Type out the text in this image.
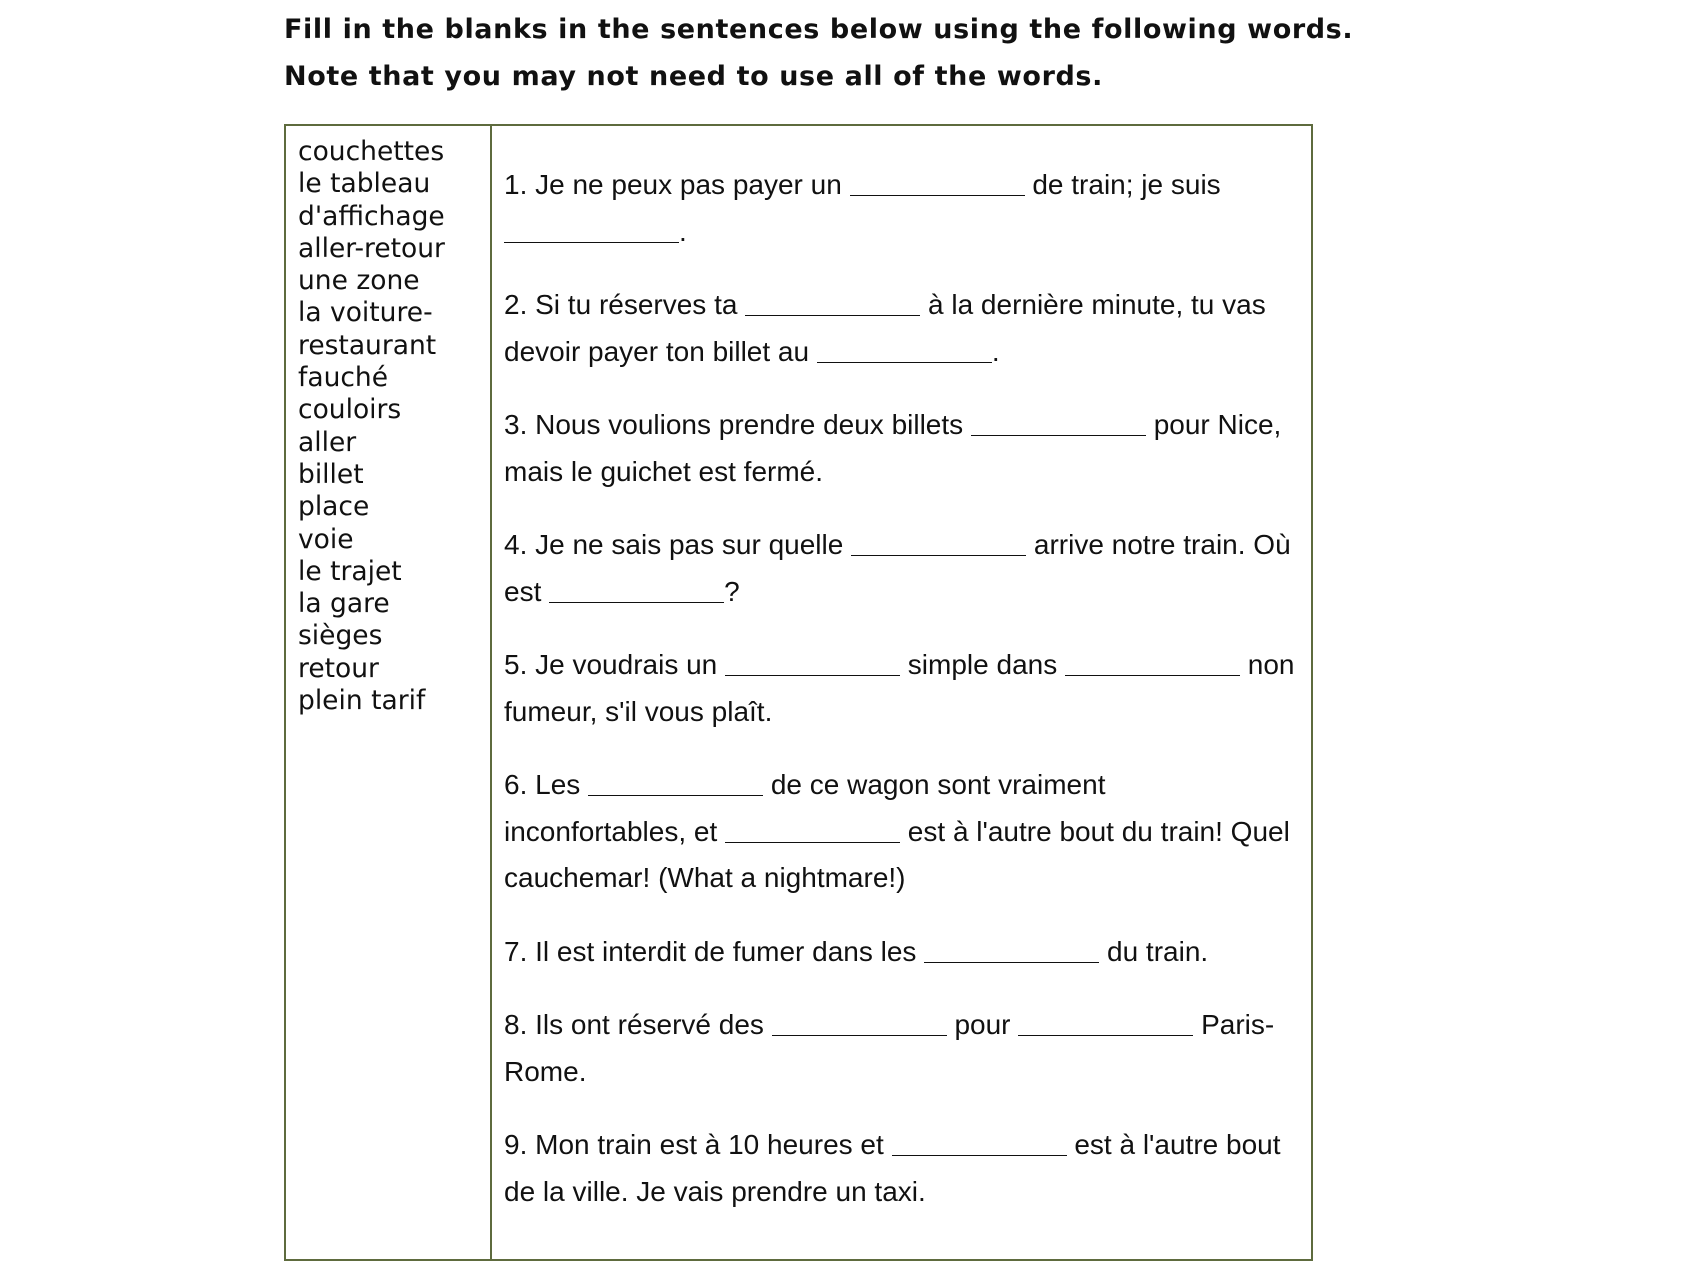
Fill in the blanks in the sentences below using the following words.
Note that you may not need to use all of the words.
couchettes
le tableau
d'affichage
aller-retour
une zone
la voiture-
restaurant
fauché
couloirs
aller
billet
place
voie
le trajet
la gare
sièges
retour
plein tarif
1. Je ne peux pas payer un	de train; je suis
.
2. Si tu réserves ta	à la dernière minute, tu vas
devoir payer ton billet au	.
3. Nous voulions prendre deux billets	pour Nice,
mais le guichet est fermé.
4. Je ne sais pas sur quelle	arrive notre train. Où
est	?
5. Je voudrais un	simple dans	non
fumeur, s'il vous plaît.
6. Les	de ce wagon sont vraiment
inconfortables, et	est à l'autre bout du train! Quel
cauchemar! (What a nightmare!)
7. Il est interdit de fumer dans les	du train.
8. Ils ont réservé des	pour	Paris-
Rome.
9. Mon train est à 10 heures et	est à l'autre bout
de la ville. Je vais prendre un taxi.
